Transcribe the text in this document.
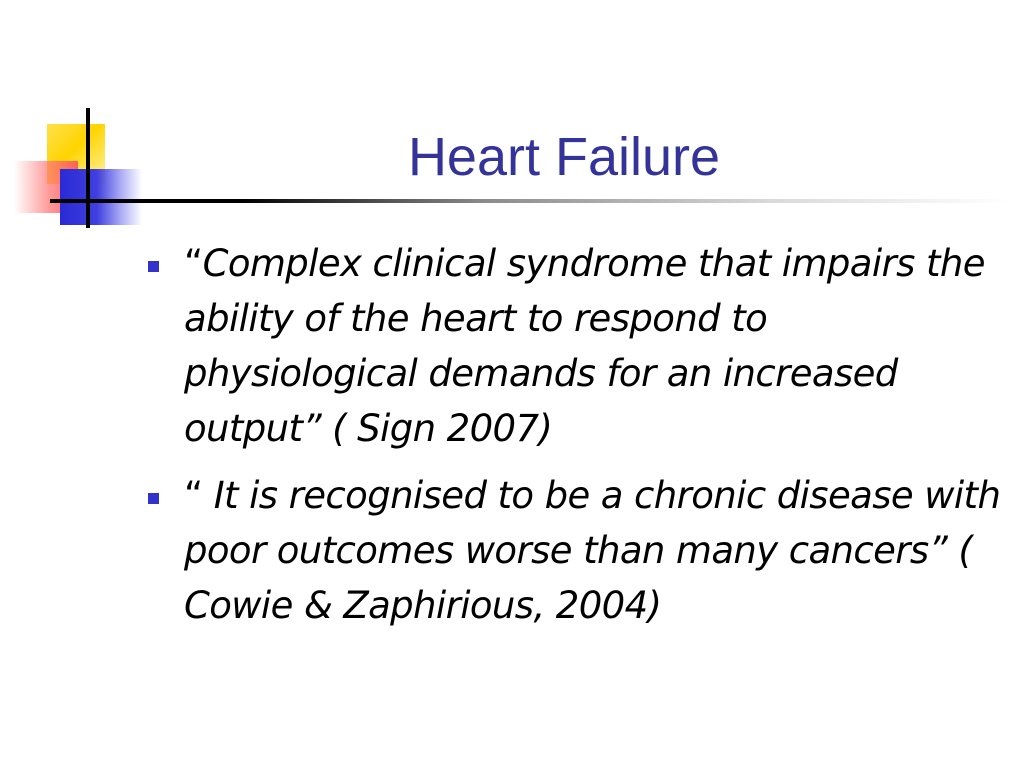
Heart Failure
“Complex clinical syndrome that impairs the ability of the heart to respond to physiological demands for an increased output” ( Sign 2007)
“ It is recognised to be a chronic disease with poor outcomes worse than many cancers” ( Cowie & Zaphirious, 2004)
